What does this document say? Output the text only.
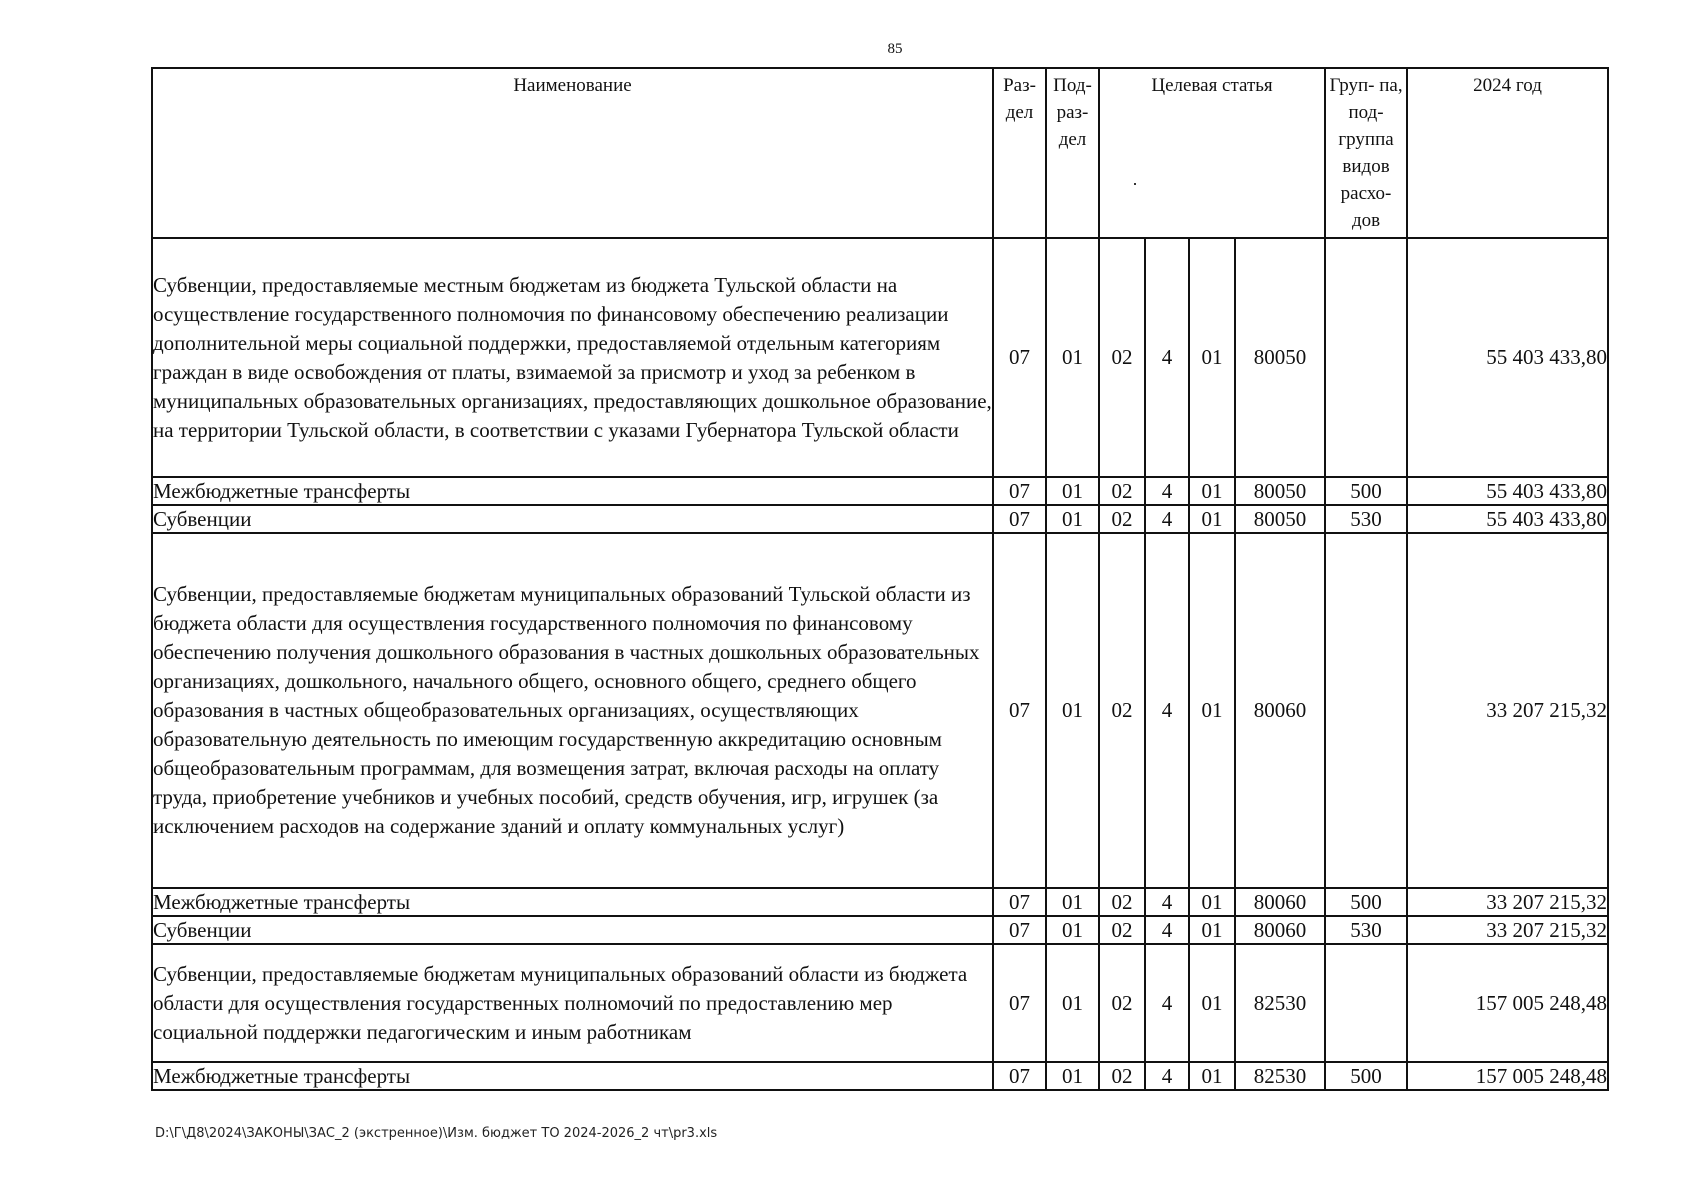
85
Наименование	Раз- дел	Под- раз- дел	Целевая статья				Груп- па, под- группа видов расхо- дов	2024 год
Субвенции, предоставляемые местным бюджетам из бюджета Тульской области на осуществление государственного полномочия по финансовому обеспечению реализации дополнительной меры социальной поддержки, предоставляемой отдельным категориям граждан в виде освобождения от платы, взимаемой за присмотр и уход за ребенком в муниципальных образовательных организациях, предоставляющих дошкольное образование, на территории Тульской области, в соответствии с указами Губернатора Тульской области	07	01	02	4	01	80050		55 403 433,80
Межбюджетные трансферты	07	01	02	4	01	80050	500	55 403 433,80
Субвенции	07	01	02	4	01	80050	530	55 403 433,80
Субвенции, предоставляемые бюджетам муниципальных образований Тульской области из бюджета области для осуществления государственного полномочия по финансовому обеспечению получения дошкольного образования в частных дошкольных образовательных организациях, дошкольного, начального общего, основного общего, среднего общего образования в частных общеобразовательных организациях, осуществляющих образовательную деятельность по имеющим государственную аккредитацию основным общеобразовательным программам, для возмещения затрат, включая расходы на оплату труда, приобретение учебников и учебных пособий, средств обучения, игр, игрушек (за исключением расходов на содержание зданий и оплату коммунальных услуг)	07	01	02	4	01	80060		33 207 215,32
Межбюджетные трансферты	07	01	02	4	01	80060	500	33 207 215,32
Субвенции	07	01	02	4	01	80060	530	33 207 215,32
Субвенции, предоставляемые бюджетам муниципальных образований области из бюджета области для осуществления государственных полномочий по предоставлению мер социальной поддержки педагогическим и иным работникам	07	01	02	4	01	82530		157 005 248,48
Межбюджетные трансферты	07	01	02	4	01	82530	500	157 005 248,48
D:\Г\Д8\2024\ЗАКОНЫ\ЗАС_2 (экстренное)\Изм. бюджет ТО 2024-2026_2 чт\pr3.xls
